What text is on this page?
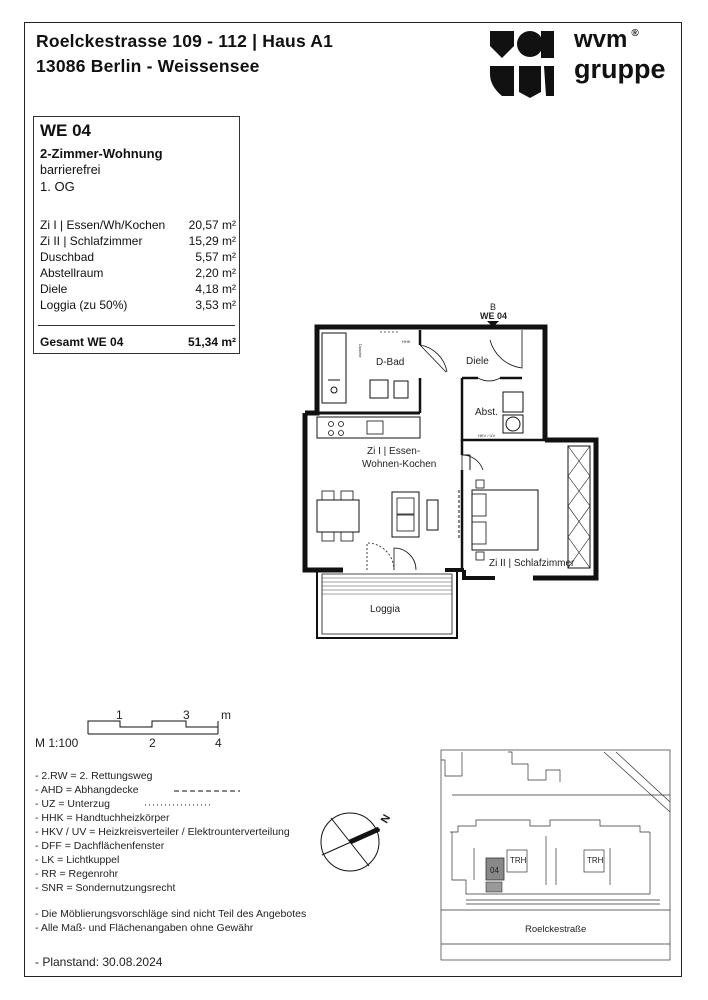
Roelckestrasse 109 - 112 | Haus A1
13086 Berlin - Weissensee
wvm ®
gruppe
WE 04
2-Zimmer-Wohnung
barrierefrei
1. OG
Zi I | Essen/Wh/Kochen 20,57 m²
Zi II | Schlafzimmer	15,29 m²
Duschbad	5,57 m²
Abstellraum	2,20 m²
Diele	4,18 m²
Loggia (zu 50%)	3,53 m²
Gesamt WE 04	51,34 m²
B
WE 04
D-Bad	Diele
Abst.
Zi I | Essen-
Wohnen-Kochen
Zi II | Schlafzimmer
Loggia
Dusche
HHK
HKV / UV
1	3	m
2	4
M 1:100
- 2.RW = 2. Rettungsweg
- AHD = Abhangdecke
- UZ = Unterzug
- HHK = Handtuchheizkörper
- HKV / UV = Heizkreisverteiler / Elektrounterverteilung
- DFF = Dachflächenfenster
- LK = Lichtkuppel
- RR = Regenrohr
- SNR = Sondernutzungsrecht
- Die Möblierungsvorschläge sind nicht Teil des Angebotes
- Alle Maß- und Flächenangaben ohne Gewähr
- Planstand: 30.08.2024
N
TRH	TRH
04
Roelckestraße
